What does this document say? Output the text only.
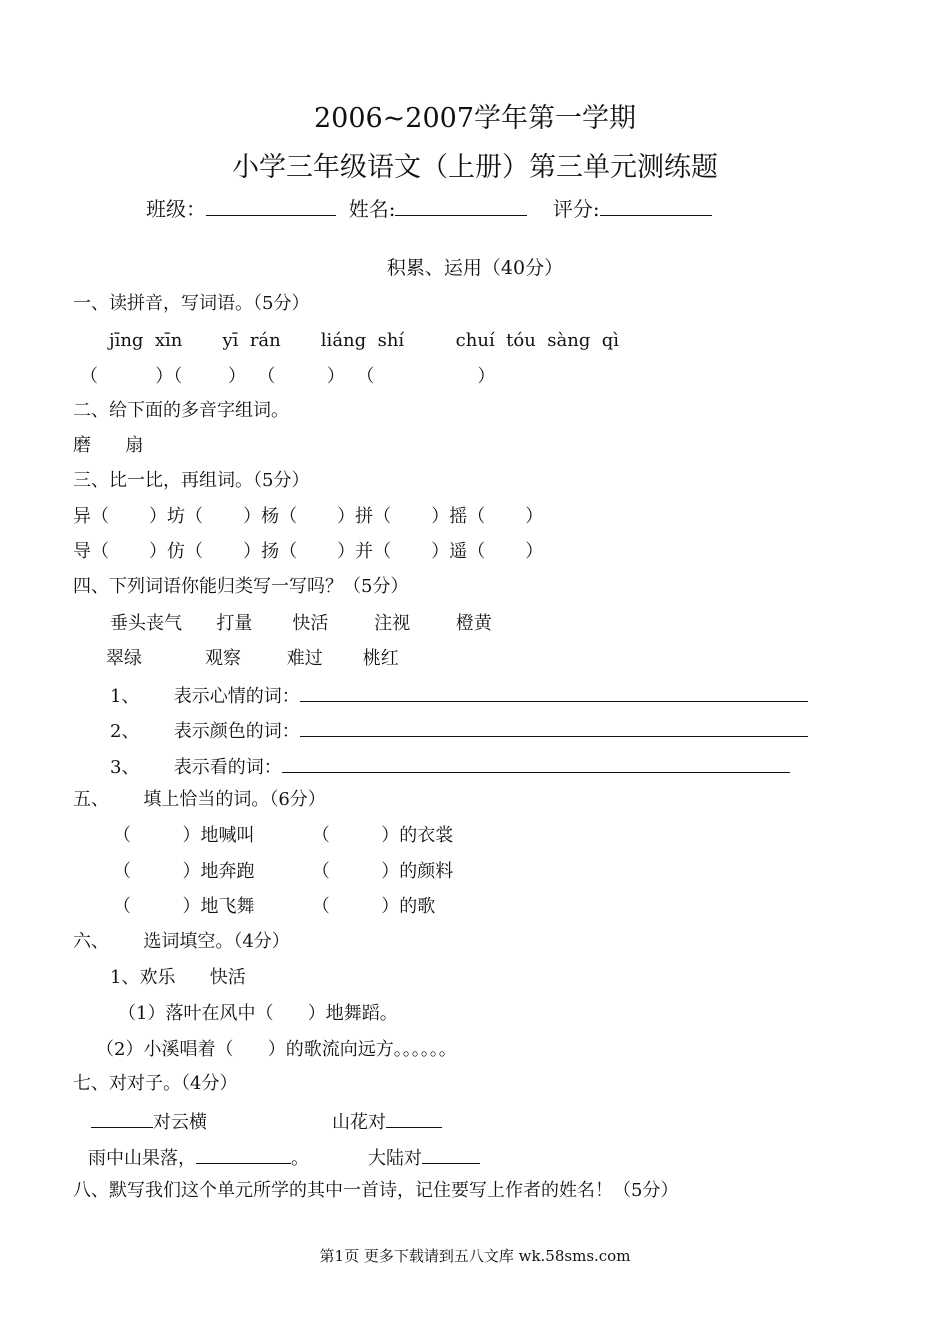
2006~2007学年第一学期
小学三年级语文（上册）第三单元测练题
班级：	姓名:	评分:
积累、运用（40分）
一、读拼音，写词语。（5分）
jīng  xīn       yī  rán       liáng  shí         chuí  tóu  sàng  qì
（          ）（        ）  （         ）  （                  ）
二、给下面的多音字组词。
磨      扇
三、比一比，再组词。（5分）
异（       ）坊（       ）杨（       ）拼（       ）摇（       ）
导（       ）仿（       ）扬（       ）并（       ）遥（       ）
四、下列词语你能归类写一写吗？（5分）
垂头丧气      打量       快活        注视        橙黄
翠绿           观察        难过       桃红
1、      表示心情的词：
2、      表示颜色的词：
3、      表示看的词：
五、      填上恰当的词。（6分）
（         ）地喊叫          （         ）的衣裳
（         ）地奔跑          （         ）的颜料
（         ）地飞舞          （         ）的歌
六、      选词填空。（4分）
1、欢乐      快活
（1）落叶在风中（      ）地舞蹈。
（2）小溪唱着（      ）的歌流向远方。。。。。。
七、对对子。（4分）
对云横	山花对
雨中山果落，	。	大陆对
八、默写我们这个单元所学的其中一首诗，记住要写上作者的姓名！（5分）
第1页 更多下载请到五八文库 wk.58sms.com
